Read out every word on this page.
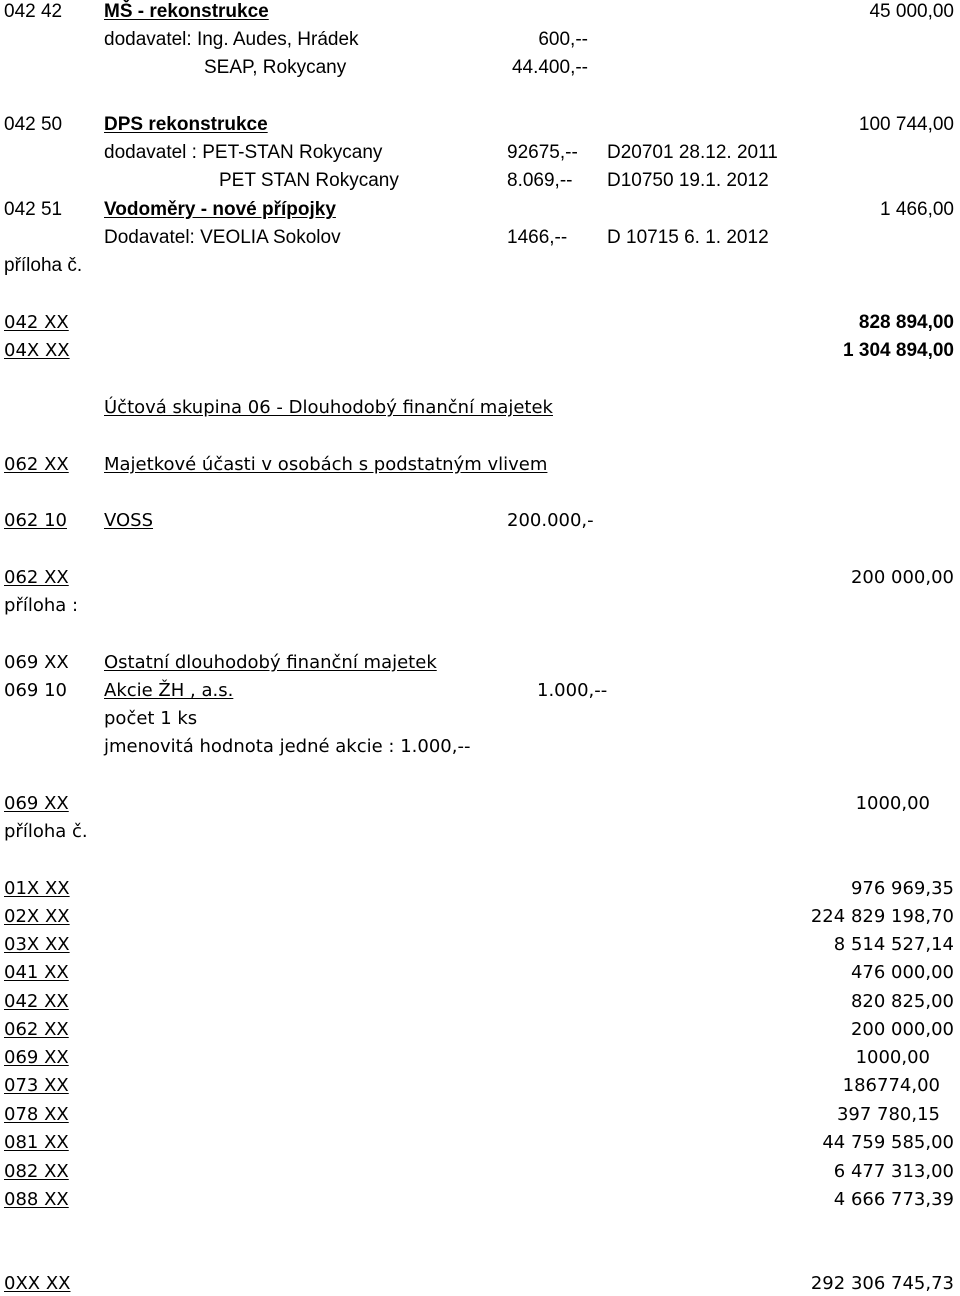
042 42 MŠ - rekonstrukce	45 000,00
dodavatel: Ing. Audes, Hrádek	600,--
SEAP, Rokycany	44.400,--
042 50 DPS rekonstrukce	100 744,00
dodavatel : PET-STAN Rokycany	92675,-- D20701 28.12. 2011
PET STAN Rokycany	8.069,-- D10750 19.1. 2012
042 51 Vodoměry - nové přípojky	1 466,00
Dodavatel: VEOLIA Sokolov	1466,-- D 10715 6. 1. 2012
příloha č.
042 XX	828 894,00
04X XX	1 304 894,00
Účtová skupina 06 - Dlouhodobý finanční majetek
062 XX Majetkové účasti v osobách s podstatným vlivem
062 10 VOSS	200.000,-
062 XX	200 000,00
příloha :
069 XX Ostatní dlouhodobý finanční majetek
069 10 Akcie ŽH , a.s.	1.000,--
počet 1 ks
jmenovitá hodnota jedné akcie : 1.000,--
069 XX	1000,00
příloha č.
01X XX	976 969,35
02X XX	224 829 198,70
03X XX	8 514 527,14
041 XX	476 000,00
042 XX	820 825,00
062 XX	200 000,00
069 XX	1000,00
073 XX	186774,00
078 XX	397 780,15
081 XX	44 759 585,00
082 XX	6 477 313,00
088 XX	4 666 773,39
0XX XX	292 306 745,73
